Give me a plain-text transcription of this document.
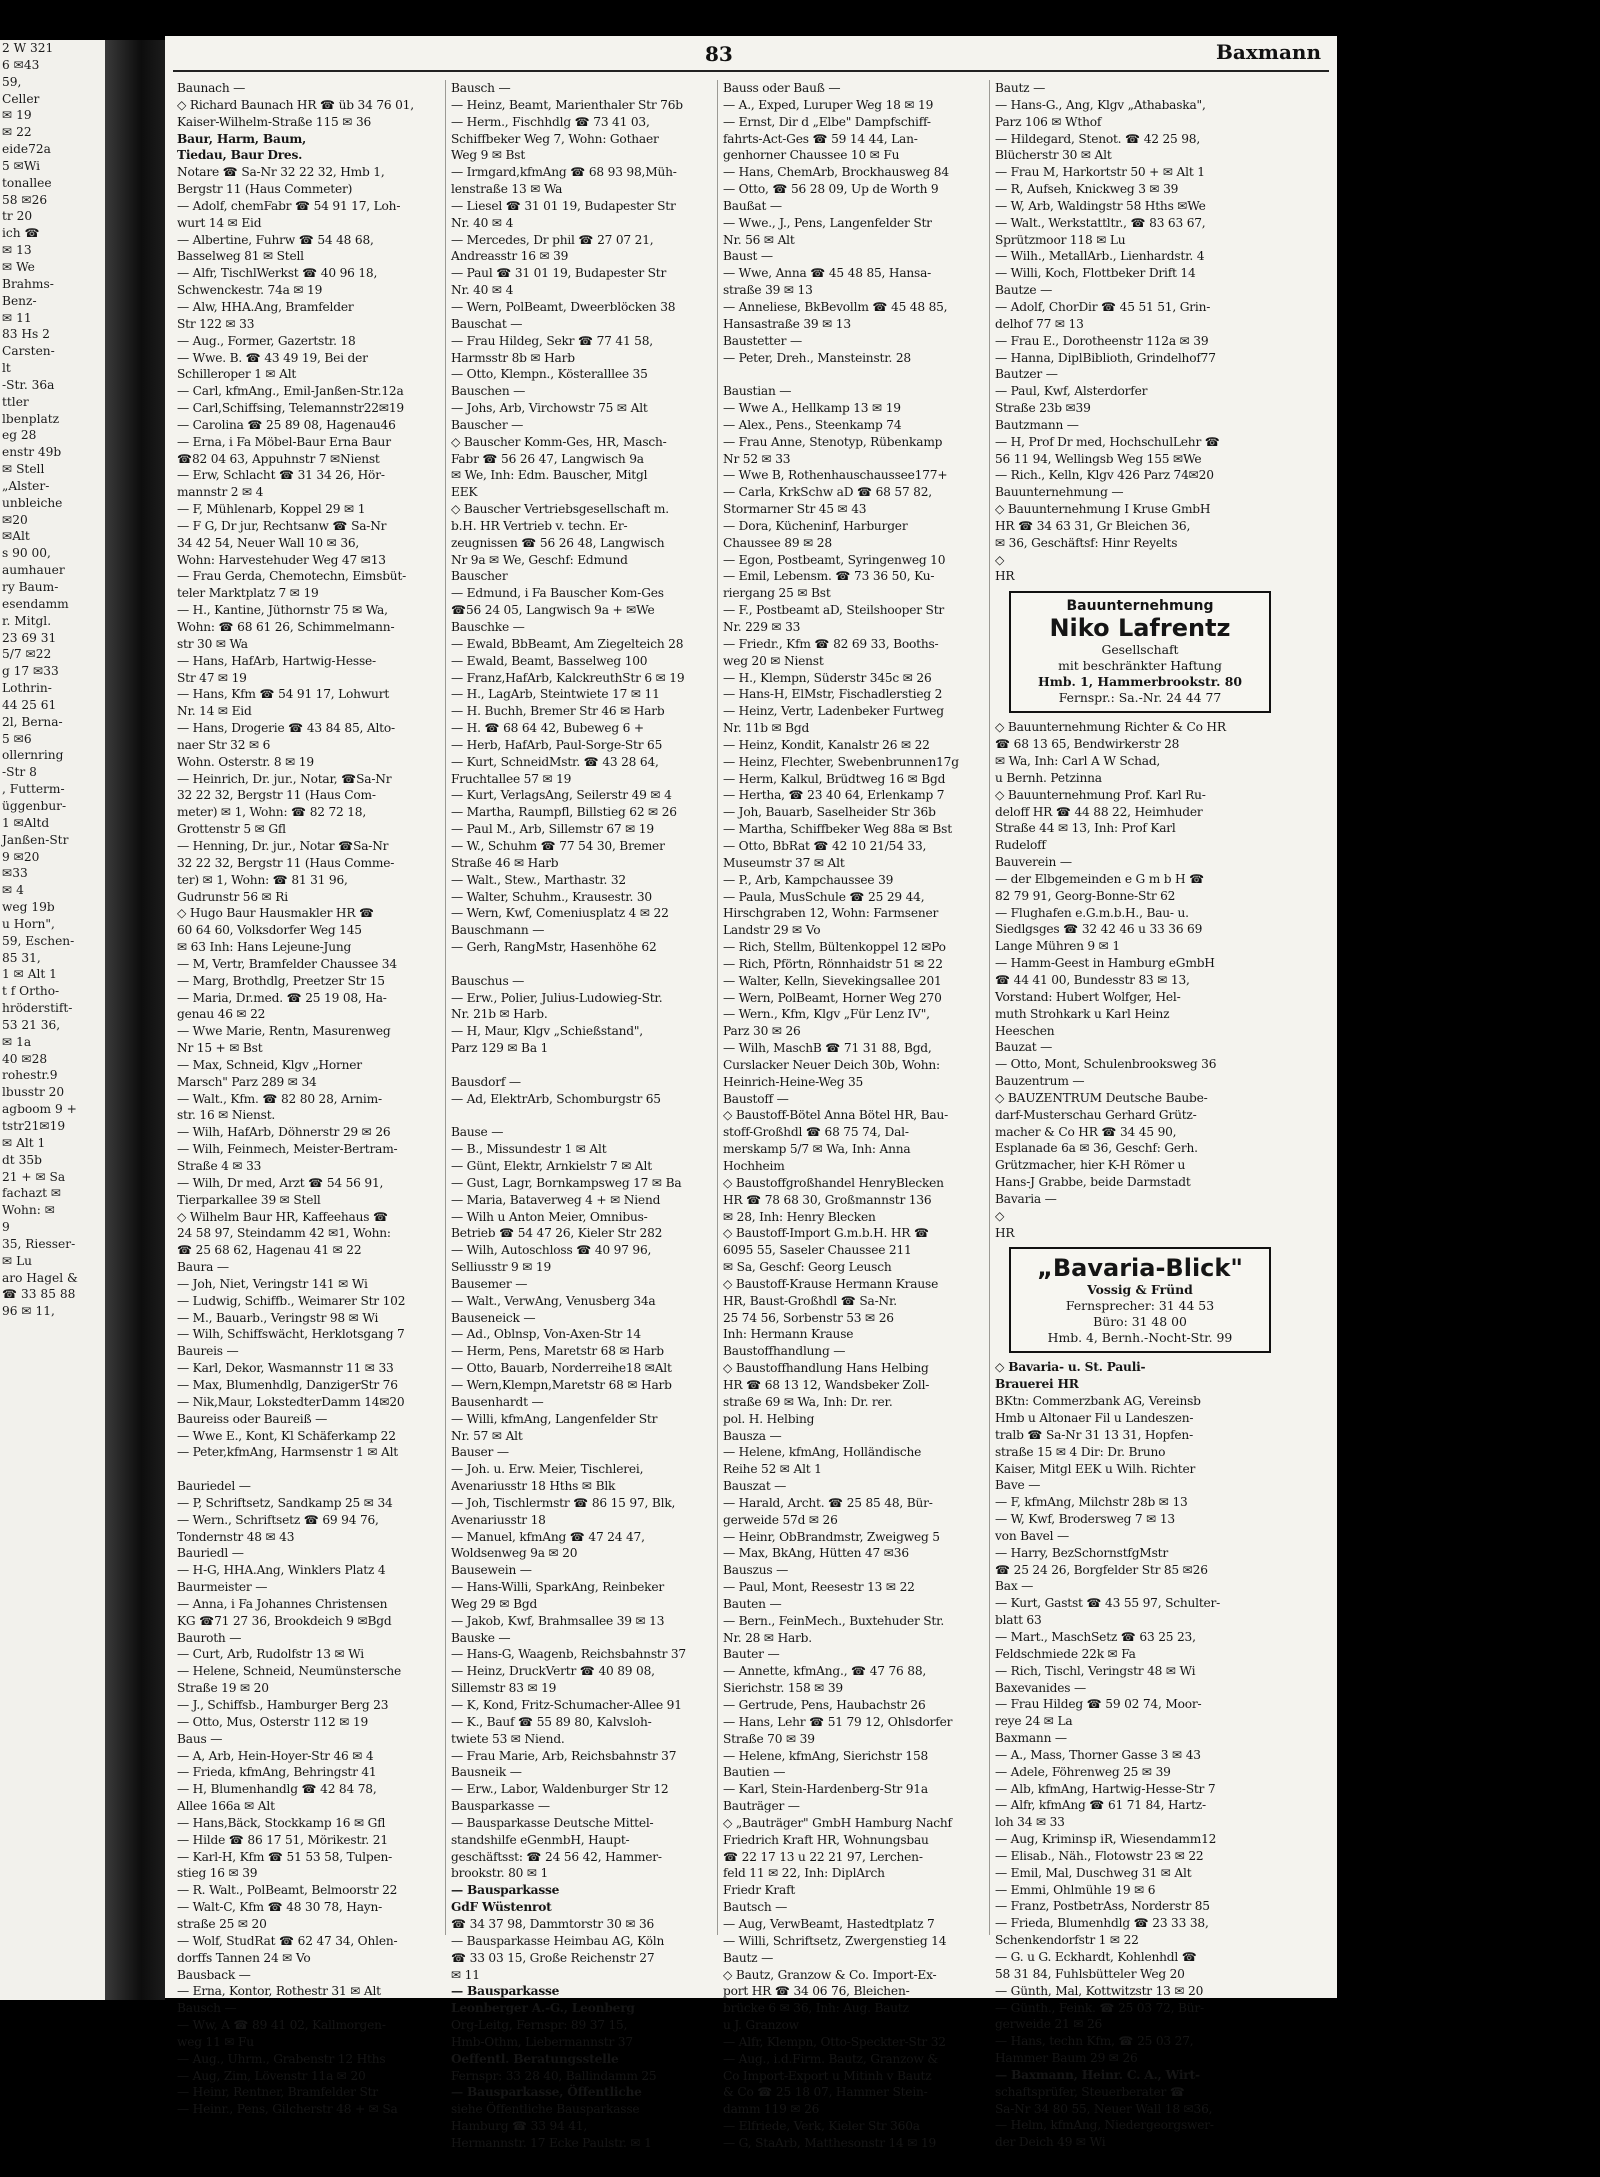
2 W 321
6 ✉43
59,
Celler
✉ 19
✉ 22
eide72a
5 ✉Wi
tonallee
58 ✉26
tr 20
ich ☎
✉ 13
✉ We
Brahms-
Benz-
✉ 11
83 Hs 2
Carsten-
lt
-Str. 36a
ttler
lbenplatz
eg 28
enstr 49b
✉ Stell
„Alster-
unbleiche
✉20
✉Alt
s 90 00,
aumhauer
ry Baum-
esendamm
r. Mitgl.
23 69 31
5/7 ✉22
g 17 ✉33
Lothrin-
44 25 61
2l, Berna-
5 ✉6
ollernring
-Str 8
, Futterm-
üggenbur-
1 ✉Altd
Janßen-Str
9 ✉20
✉33
✉ 4
weg 19b
u Horn",
59, Eschen-
85 31,
1 ✉ Alt 1
t f Ortho-
hröderstift-
53 21 36,
✉ 1a
40 ✉28
rohestr.9
lbusstr 20
agboom 9 +
tstr21✉19
✉ Alt 1
dt 35b
21 + ✉ Sa
fachazt ✉
Wohn: ✉
9
35, Riesser-
✉ Lu
aro Hagel &
☎ 33 85 88
96 ✉ 11,
83	Baxmann
Baunach —
◇ Richard Baunach HR ☎ üb 34 76 01,
Kaiser-Wilhelm-Straße 115 ✉ 36
Baur, Harm, Baum,
Tiedau, Baur Dres.
Notare ☎ Sa-Nr 32 22 32, Hmb 1,
Bergstr 11 (Haus Commeter)
— Adolf, chemFabr ☎ 54 91 17, Loh-
wurt 14 ✉ Eid
— Albertine, Fuhrw ☎ 54 48 68,
Basselweg 81 ✉ Stell
— Alfr, TischlWerkst ☎ 40 96 18,
Schwenckestr. 74a ✉ 19
— Alw, HHA.Ang, Bramfelder
Str 122 ✉ 33
— Aug., Former, Gazertstr. 18
— Wwe. B. ☎ 43 49 19, Bei der
Schilleroper 1 ✉ Alt
— Carl, kfmAng., Emil-Janßen-Str.12a
— Carl,Schiffsing, Telemannstr22✉19
— Carolina ☎ 25 89 08, Hagenau46
— Erna, i Fa Möbel-Baur Erna Baur
☎82 04 63, Appuhnstr 7 ✉Nienst
— Erw, Schlacht ☎ 31 34 26, Hör-
mannstr 2 ✉ 4
— F, Mühlenarb, Koppel 29 ✉ 1
— F G, Dr jur, Rechtsanw ☎ Sa-Nr
34 42 54, Neuer Wall 10 ✉ 36,
Wohn: Harvestehuder Weg 47 ✉13
— Frau Gerda, Chemotechn, Eimsbüt-
teler Marktplatz 7 ✉ 19
— H., Kantine, Jüthornstr 75 ✉ Wa,
Wohn: ☎ 68 61 26, Schimmelmann-
str 30 ✉ Wa
— Hans, HafArb, Hartwig-Hesse-
Str 47 ✉ 19
— Hans, Kfm ☎ 54 91 17, Lohwurt
Nr. 14 ✉ Eid
— Hans, Drogerie ☎ 43 84 85, Alto-
naer Str 32 ✉ 6
Wohn. Osterstr. 8 ✉ 19
— Heinrich, Dr. jur., Notar, ☎Sa-Nr
32 22 32, Bergstr 11 (Haus Com-
meter) ✉ 1, Wohn: ☎ 82 72 18,
Grottenstr 5 ✉ Gfl
— Henning, Dr. jur., Notar ☎Sa-Nr
32 22 32, Bergstr 11 (Haus Comme-
ter) ✉ 1, Wohn: ☎ 81 31 96,
Gudrunstr 56 ✉ Ri
◇ Hugo Baur Hausmakler HR ☎
60 64 60, Volksdorfer Weg 145
✉ 63 Inh: Hans Lejeune-Jung
— M, Vertr, Bramfelder Chaussee 34
— Marg, Brothdlg, Preetzer Str 15
— Maria, Dr.med. ☎ 25 19 08, Ha-
genau 46 ✉ 22
— Wwe Marie, Rentn, Masurenweg
Nr 15 + ✉ Bst
— Max, Schneid, Klgv „Horner
Marsch" Parz 289 ✉ 34
— Walt., Kfm. ☎ 82 80 28, Arnim-
str. 16 ✉ Nienst.
— Wilh, HafArb, Döhnerstr 29 ✉ 26
— Wilh, Feinmech, Meister-Bertram-
Straße 4 ✉ 33
— Wilh, Dr med, Arzt ☎ 54 56 91,
Tierparkallee 39 ✉ Stell
◇ Wilhelm Baur HR, Kaffeehaus ☎
24 58 97, Steindamm 42 ✉1, Wohn:
☎ 25 68 62, Hagenau 41 ✉ 22
Baura —
— Joh, Niet, Veringstr 141 ✉ Wi
— Ludwig, Schiffb., Weimarer Str 102
— M., Bauarb., Veringstr 98 ✉ Wi
— Wilh, Schiffswächt, Herklotsgang 7
Baureis —
— Karl, Dekor, Wasmannstr 11 ✉ 33
— Max, Blumenhdlg, DanzigerStr 76
— Nik,Maur, LokstedterDamm 14✉20
Baureiss oder Baureiß —
— Wwe E., Kont, Kl Schäferkamp 22
— Peter,kfmAng, Harmsenstr 1 ✉ Alt

Bauriedel —
— P, Schriftsetz, Sandkamp 25 ✉ 34
— Wern., Schriftsetz ☎ 69 94 76,
Tondernstr 48 ✉ 43
Bauriedl —
— H-G, HHA.Ang, Winklers Platz 4
Baurmeister —
— Anna, i Fa Johannes Christensen
KG ☎71 27 36, Brookdeich 9 ✉Bgd
Bauroth —
— Curt, Arb, Rudolfstr 13 ✉ Wi
— Helene, Schneid, Neumünstersche
Straße 19 ✉ 20
— J., Schiffsb., Hamburger Berg 23
— Otto, Mus, Osterstr 112 ✉ 19
Baus —
— A, Arb, Hein-Hoyer-Str 46 ✉ 4
— Frieda, kfmAng, Behringstr 41
— H, Blumenhandlg ☎ 42 84 78,
Allee 166a ✉ Alt
— Hans,Bäck, Stockkamp 16 ✉ Gfl
— Hilde ☎ 86 17 51, Mörikestr. 21
— Karl-H, Kfm ☎ 51 53 58, Tulpen-
stieg 16 ✉ 39
— R. Walt., PolBeamt, Belmoorstr 22
— Walt-C, Kfm ☎ 48 30 78, Hayn-
straße 25 ✉ 20
— Wolf, StudRat ☎ 62 47 34, Ohlen-
dorffs Tannen 24 ✉ Vo
Bausback —
— Erna, Kontor, Rothestr 31 ✉ Alt
Bausch —
— Ww, A ☎ 89 41 02, Kallmorgen-
weg 11 ✉ Fu
— Aug., Uhrm., Grabenstr 12 Hths
— Aug, Zim, Lövenstr 11a ✉ 20
— Heinr, Rentner, Bramfelder Str
— Heinr., Pens, Gilcherstr 48 + ✉ Sa
Bausch —
— Heinz, Beamt, Marienthaler Str 76b
— Herm., Fischhdlg ☎ 73 41 03,
Schiffbeker Weg 7, Wohn: Gothaer
Weg 9 ✉ Bst
— Irmgard,kfmAng ☎ 68 93 98,Müh-
lenstraße 13 ✉ Wa
— Liesel ☎ 31 01 19, Budapester Str
Nr. 40 ✉ 4
— Mercedes, Dr phil ☎ 27 07 21,
Andreasstr 16 ✉ 39
— Paul ☎ 31 01 19, Budapester Str
Nr. 40 ✉ 4
— Wern, PolBeamt, Dweerblöcken 38
Bauschat —
— Frau Hildeg, Sekr ☎ 77 41 58,
Harmsstr 8b ✉ Harb
— Otto, Klempn., Kösteralllee 35
Bauschen —
— Johs, Arb, Virchowstr 75 ✉ Alt
Bauscher —
◇ Bauscher Komm-Ges, HR, Masch-
Fabr ☎ 56 26 47, Langwisch 9a
✉ We, Inh: Edm. Bauscher, Mitgl
EEK
◇ Bauscher Vertriebsgesellschaft m.
b.H. HR Vertrieb v. techn. Er-
zeugnissen ☎ 56 26 48, Langwisch
Nr 9a ✉ We, Geschf: Edmund
Bauscher
— Edmund, i Fa Bauscher Kom-Ges
☎56 24 05, Langwisch 9a + ✉We
Bauschke —
— Ewald, BbBeamt, Am Ziegelteich 28
— Ewald, Beamt, Basselweg 100
— Franz,HafArb, KalckreuthStr 6 ✉ 19
— H., LagArb, Steintwiete 17 ✉ 11
— H. Buchh, Bremer Str 46 ✉ Harb
— H. ☎ 68 64 42, Bubeweg 6 +
— Herb, HafArb, Paul-Sorge-Str 65
— Kurt, SchneidMstr. ☎ 43 28 64,
Fruchtallee 57 ✉ 19
— Kurt, VerlagsAng, Seilerstr 49 ✉ 4
— Martha, Raumpfl, Billstieg 62 ✉ 26
— Paul M., Arb, Sillemstr 67 ✉ 19
— W., Schuhm ☎ 77 54 30, Bremer
Straße 46 ✉ Harb
— Walt., Stew., Marthastr. 32
— Walter, Schuhm., Krausestr. 30
— Wern, Kwf, Comeniusplatz 4 ✉ 22
Bauschmann —
— Gerh, RangMstr, Hasenhöhe 62

Bauschus —
— Erw., Polier, Julius-Ludowieg-Str.
Nr. 21b ✉ Harb.
— H, Maur, Klgv „Schießstand",
Parz 129 ✉ Ba 1

Bausdorf —
— Ad, ElektrArb, Schomburgstr 65

Bause —
— B., Missundestr 1 ✉ Alt
— Günt, Elektr, Arnkielstr 7 ✉ Alt
— Gust, Lagr, Bornkampsweg 17 ✉ Ba
— Maria, Bataverweg 4 + ✉ Niend
— Wilh u Anton Meier, Omnibus-
Betrieb ☎ 54 47 26, Kieler Str 282
— Wilh, Autoschloss ☎ 40 97 96,
Selliusstr 9 ✉ 19
Bausemer —
— Walt., VerwAng, Venusberg 34a
Bauseneick —
— Ad., Oblnsp, Von-Axen-Str 14
— Herm, Pens, Maretstr 68 ✉ Harb
— Otto, Bauarb, Norderreihe18 ✉Alt
— Wern,Klempn,Maretstr 68 ✉ Harb
Bausenhardt —
— Willi, kfmAng, Langenfelder Str
Nr. 57 ✉ Alt
Bauser —
— Joh. u. Erw. Meier, Tischlerei,
Avenariusstr 18 Hths ✉ Blk
— Joh, Tischlermstr ☎ 86 15 97, Blk,
Avenariusstr 18
— Manuel, kfmAng ☎ 47 24 47,
Woldsenweg 9a ✉ 20
Bausewein —
— Hans-Willi, SparkAng, Reinbeker
Weg 29 ✉ Bgd
— Jakob, Kwf, Brahmsallee 39 ✉ 13
Bauske —
— Hans-G, Waagenb, Reichsbahnstr 37
— Heinz, DruckVertr ☎ 40 89 08,
Sillemstr 83 ✉ 19
— K, Kond, Fritz-Schumacher-Allee 91
— K., Bauf ☎ 55 89 80, Kalvsloh-
twiete 53 ✉ Niend.
— Frau Marie, Arb, Reichsbahnstr 37
Bausneik —
— Erw., Labor, Waldenburger Str 12
Bausparkasse —
— Bausparkasse Deutsche Mittel-
standshilfe eGenmbH, Haupt-
geschäftsst: ☎ 24 56 42, Hammer-
brookstr. 80 ✉ 1
— Bausparkasse
GdF Wüstenrot
☎ 34 37 98, Dammtorstr 30 ✉ 36
— Bausparkasse Heimbau AG, Köln
☎ 33 03 15, Große Reichenstr 27
✉ 11
— Bausparkasse
Leonberger A.-G., Leonberg
Org-Leitg, Fernspr: 89 37 15,
Hmb-Othm, Liebermannstr 37
Oeffentl. Beratungsstelle
Fernspr: 33 28 40, Ballindamm 25
— Bausparkasse, Öffentliche
siehe Öffentliche Bausparkasse
Hamburg ☎ 33 94 41,
Hermannstr. 17 Ecke Paulstr. ✉ 1
Bauss oder Bauß —
— A., Exped, Luruper Weg 18 ✉ 19
— Ernst, Dir d „Elbe" Dampfschiff-
fahrts-Act-Ges ☎ 59 14 44, Lan-
genhorner Chaussee 10 ✉ Fu
— Hans, ChemArb, Brockhausweg 84
— Otto, ☎ 56 28 09, Up de Worth 9
Baußat —
— Wwe., J., Pens, Langenfelder Str
Nr. 56 ✉ Alt
Baust —
— Wwe, Anna ☎ 45 48 85, Hansa-
straße 39 ✉ 13
— Anneliese, BkBevollm ☎ 45 48 85,
Hansastraße 39 ✉ 13
Baustetter —
— Peter, Dreh., Mansteinstr. 28

Baustian —
— Wwe A., Hellkamp 13 ✉ 19
— Alex., Pens., Steenkamp 74
— Frau Anne, Stenotyp, Rübenkamp
Nr 52 ✉ 33
— Wwe B, Rothenhauschaussee177+
— Carla, KrkSchw aD ☎ 68 57 82,
Stormarner Str 45 ✉ 43
— Dora, Kücheninf, Harburger
Chaussee 89 ✉ 28
— Egon, Postbeamt, Syringenweg 10
— Emil, Lebensm. ☎ 73 36 50, Ku-
riergang 25 ✉ Bst
— F., Postbeamt aD, Steilshooper Str
Nr. 229 ✉ 33
— Friedr., Kfm ☎ 82 69 33, Booths-
weg 20 ✉ Nienst
— H., Klempn, Süderstr 345c ✉ 26
— Hans-H, ElMstr, Fischadlerstieg 2
— Heinz, Vertr, Ladenbeker Furtweg
Nr. 11b ✉ Bgd
— Heinz, Kondit, Kanalstr 26 ✉ 22
— Heinz, Flechter, Swebenbrunnen17g
— Herm, Kalkul, Brüdtweg 16 ✉ Bgd
— Hertha, ☎ 23 40 64, Erlenkamp 7
— Joh, Bauarb, Saselheider Str 36b
— Martha, Schiffbeker Weg 88a ✉ Bst
— Otto, BbRat ☎ 42 10 21/54 33,
Museumstr 37 ✉ Alt
— P., Arb, Kampchaussee 39
— Paula, MusSchule ☎ 25 29 44,
Hirschgraben 12, Wohn: Farmsener
Landstr 29 ✉ Vo
— Rich, Stellm, Bültenkoppel 12 ✉Po
— Rich, Pförtn, Rönnhaidstr 51 ✉ 22
— Walter, Kelln, Sievekingsallee 201
— Wern, PolBeamt, Horner Weg 270
— Wern., Kfm, Klgv „Für Lenz IV",
Parz 30 ✉ 26
— Wilh, MaschB ☎ 71 31 88, Bgd,
Curslacker Neuer Deich 30b, Wohn:
Heinrich-Heine-Weg 35
Baustoff —
◇ Baustoff-Bötel Anna Bötel HR, Bau-
stoff-Großhdl ☎ 68 75 74, Dal-
merskamp 5/7 ✉ Wa, Inh: Anna
Hochheim
◇ Baustoffgroßhandel HenryBlecken
HR ☎ 78 68 30, Großmannstr 136
✉ 28, Inh: Henry Blecken
◇ Baustoff-Import G.m.b.H. HR ☎
6095 55, Saseler Chaussee 211
✉ Sa, Geschf: Georg Leusch
◇ Baustoff-Krause Hermann Krause
HR, Baust-Großhdl ☎ Sa-Nr.
25 74 56, Sorbenstr 53 ✉ 26
Inh: Hermann Krause
Baustoffhandlung —
◇ Baustoffhandlung Hans Helbing
HR ☎ 68 13 12, Wandsbeker Zoll-
straße 69 ✉ Wa, Inh: Dr. rer.
pol. H. Helbing
Bausza —
— Helene, kfmAng, Holländische
Reihe 52 ✉ Alt 1
Bauszat —
— Harald, Archt. ☎ 25 85 48, Bür-
gerweide 57d ✉ 26
— Heinr, ObBrandmstr, Zweigweg 5
— Max, BkAng, Hütten 47 ✉36
Bauszus —
— Paul, Mont, Reesestr 13 ✉ 22
Bauten —
— Bern., FeinMech., Buxtehuder Str.
Nr. 28 ✉ Harb.
Bauter —
— Annette, kfmAng., ☎ 47 76 88,
Sierichstr. 158 ✉ 39
— Gertrude, Pens, Haubachstr 26
— Hans, Lehr ☎ 51 79 12, Ohlsdorfer
Straße 70 ✉ 39
— Helene, kfmAng, Sierichstr 158
Bautien —
— Karl, Stein-Hardenberg-Str 91a
Bauträger —
◇ „Bauträger" GmbH Hamburg Nachf
Friedrich Kraft HR, Wohnungsbau
☎ 22 17 13 u 22 21 97, Lerchen-
feld 11 ✉ 22, Inh: DiplArch
Friedr Kraft
Bautsch —
— Aug, VerwBeamt, Hastedtplatz 7
— Willi, Schriftsetz, Zwergenstieg 14
Bautz —
◇ Bautz, Granzow & Co. Import-Ex-
port HR ☎ 34 06 76, Bleichen-
brücke 6 ✉ 36, Inh: Aug. Bautz
u J. Granzow
— Alfr, Klempn, Otto-Speckter-Str 32
— Aug., i.d.Firm. Bautz, Granzow &
Co Import-Export u Mitinh v Bautz
& Co ☎ 25 18 07, Hammer Stein-
damm 119 ✉ 26
— Elfriede, Verk, Kieler Str 360a
— G, StaArb, Matthesonstr 14 ✉ 19
Bautz —
— Hans-G., Ang, Klgv „Athabaska",
Parz 106 ✉ Wthof
— Hildegard, Stenot. ☎ 42 25 98,
Blücherstr 30 ✉ Alt
— Frau M, Harkortstr 50 + ✉ Alt 1
— R, Aufseh, Knickweg 3 ✉ 39
— W, Arb, Waldingstr 58 Hths ✉We
— Walt., Werkstattltr., ☎ 83 63 67,
Sprützmoor 118 ✉ Lu
— Wilh., MetallArb., Lienhardstr. 4
— Willi, Koch, Flottbeker Drift 14
Bautze —
— Adolf, ChorDir ☎ 45 51 51, Grin-
delhof 77 ✉ 13
— Frau E., Dorotheenstr 112a ✉ 39
— Hanna, DiplBiblioth, Grindelhof77
Bautzer —
— Paul, Kwf, Alsterdorfer
Straße 23b ✉39
Bautzmann —
— H, Prof Dr med, HochschulLehr ☎
56 11 94, Wellingsb Weg 155 ✉We
— Rich., Kelln, Klgv 426 Parz 74✉20
Bauunternehmung —
◇ Bauunternehmung I Kruse GmbH
HR ☎ 34 63 31, Gr Bleichen 36,
✉ 36, Geschäftsf: Hinr Reyelts
◇
HR
Bauunternehmung
Niko Lafrentz
Gesellschaft
mit beschränkter Haftung
Hmb. 1, Hammerbrookstr. 80
Fernspr.: Sa.-Nr. 24 44 77
◇ Bauunternehmung Richter & Co HR
☎ 68 13 65, Bendwirkerstr 28
✉ Wa, Inh: Carl A W Schad,
u Bernh. Petzinna
◇ Bauunternehmung Prof. Karl Ru-
deloff HR ☎ 44 88 22, Heimhuder
Straße 44 ✉ 13, Inh: Prof Karl
Rudeloff
Bauverein —
— der Elbgemeinden e G m b H ☎
82 79 91, Georg-Bonne-Str 62
— Flughafen e.G.m.b.H., Bau- u.
Siedlgsges ☎ 32 42 46 u 33 36 69
Lange Mühren 9 ✉ 1
— Hamm-Geest in Hamburg eGmbH
☎ 44 41 00, Bundesstr 83 ✉ 13,
Vorstand: Hubert Wolfger, Hel-
muth Strohkark u Karl Heinz
Heeschen
Bauzat —
— Otto, Mont, Schulenbrooksweg 36
Bauzentrum —
◇ BAUZENTRUM Deutsche Baube-
darf-Musterschau Gerhard Grütz-
macher & Co HR ☎ 34 45 90,
Esplanade 6a ✉ 36, Geschf: Gerh.
Grützmacher, hier K-H Römer u
Hans-J Grabbe, beide Darmstadt
Bavaria —
◇
HR
„Bavaria-Blick"
Vossig & Fründ
Fernsprecher: 31 44 53
Büro: 31 48 00
Hmb. 4, Bernh.-Nocht-Str. 99
◇ Bavaria- u. St. Pauli-
Brauerei HR
BKtn: Commerzbank AG, Vereinsb
Hmb u Altonaer Fil u Landeszen-
tralb ☎ Sa-Nr 31 13 31, Hopfen-
straße 15 ✉ 4 Dir: Dr. Bruno
Kaiser, Mitgl EEK u Wilh. Richter
Bave —
— F, kfmAng, Milchstr 28b ✉ 13
— W, Kwf, Brodersweg 7 ✉ 13
von Bavel —
— Harry, BezSchornstfgMstr
☎ 25 24 26, Borgfelder Str 85 ✉26
Bax —
— Kurt, Gastst ☎ 43 55 97, Schulter-
blatt 63
— Mart., MaschSetz ☎ 63 25 23,
Feldschmiede 22k ✉ Fa
— Rich, Tischl, Veringstr 48 ✉ Wi
Baxevanides —
— Frau Hildeg ☎ 59 02 74, Moor-
reye 24 ✉ La
Baxmann —
— A., Mass, Thorner Gasse 3 ✉ 43
— Adele, Föhrenweg 25 ✉ 39
— Alb, kfmAng, Hartwig-Hesse-Str 7
— Alfr, kfmAng ☎ 61 71 84, Hartz-
loh 34 ✉ 33
— Aug, Kriminsp iR, Wiesendamm12
— Elisab., Näh., Flotowstr 23 ✉ 22
— Emil, Mal, Duschweg 31 ✉ Alt
— Emmi, Ohlmühle 19 ✉ 6
— Franz, PostbetrAss, Norderstr 85
— Frieda, Blumenhdlg ☎ 23 33 38,
Schenkendorfstr 1 ✉ 22
— G. u G. Eckhardt, Kohlenhdl ☎
58 31 84, Fuhlsbütteler Weg 20
— Günth, Mal, Kottwitzstr 13 ✉ 20
— Günth., Feink. ☎ 25 03 72, Bür-
gerweide 21 ✉ 26
— Hans, techn Kfm, ☎ 25 03 27,
Hammer Baum 29 ✉ 26
— Baxmann, Heinr. C. A., Wirt-
schaftsprüfer, Steuerberater ☎
Sa-Nr 34 80 55, Neuer Wall 18 ✉36,
— Helm, kfmAng, Niedergeorgswer-
der Deich 49 ✉ Wi
